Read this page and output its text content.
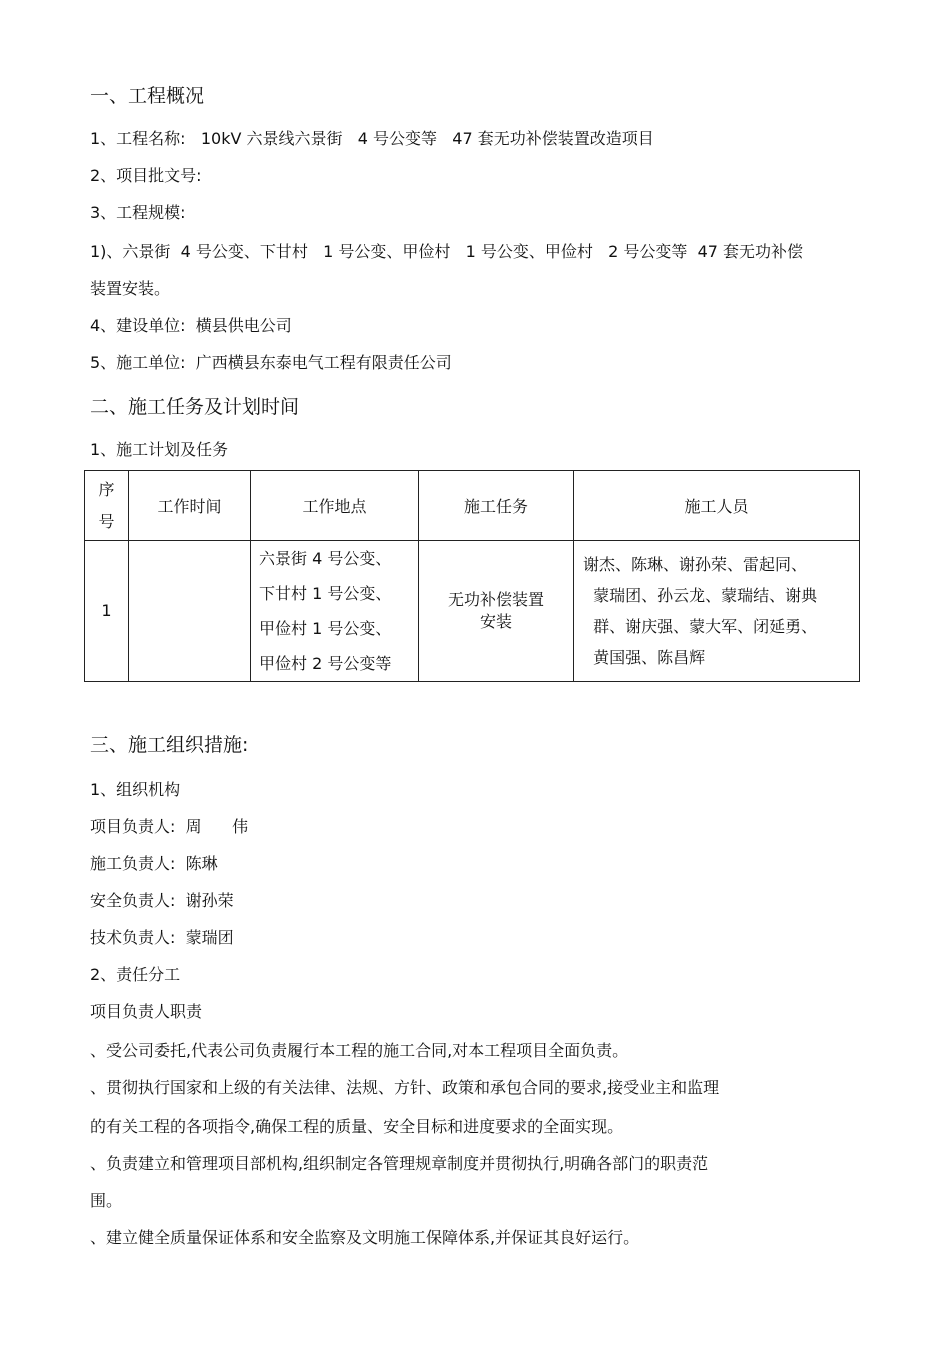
一、工程概况
1、工程名称:   10kV 六景线六景街   4 号公变等   47 套无功补偿装置改造项目
2、项目批文号:
3、工程规模:
1)、六景街  4 号公变、下甘村   1 号公变、甲俭村   1 号公变、甲俭村   2 号公变等  47 套无功补偿
装置安装。
4、建设单位:  横县供电公司
5、施工单位:  广西横县东泰电气工程有限责任公司
二、施工任务及计划时间
1、施工计划及任务
序
号	工作时间	工作地点	施工任务	施工人员
1		六景街 4 号公变、
下甘村 1 号公变、
甲俭村 1 号公变、
甲俭村 2 号公变等	无功补偿装置
安装	谢杰、陈琳、谢孙荣、雷起同、
蒙瑞团、孙云龙、蒙瑞结、谢典
群、谢庆强、蒙大军、闭延勇、
黄国强、陈昌辉
三、施工组织措施:
1、组织机构
项目负责人:  周      伟
施工负责人:  陈琳
安全负责人:  谢孙荣
技术负责人:  蒙瑞团
2、责任分工
项目负责人职责
、受公司委托,代表公司负责履行本工程的施工合同,对本工程项目全面负责。
、贯彻执行国家和上级的有关法律、法规、方针、政策和承包合同的要求,接受业主和监理
的有关工程的各项指令,确保工程的质量、安全目标和进度要求的全面实现。
、负责建立和管理项目部机构,组织制定各管理规章制度并贯彻执行,明确各部门的职责范
围。
、建立健全质量保证体系和安全监察及文明施工保障体系,并保证其良好运行。
